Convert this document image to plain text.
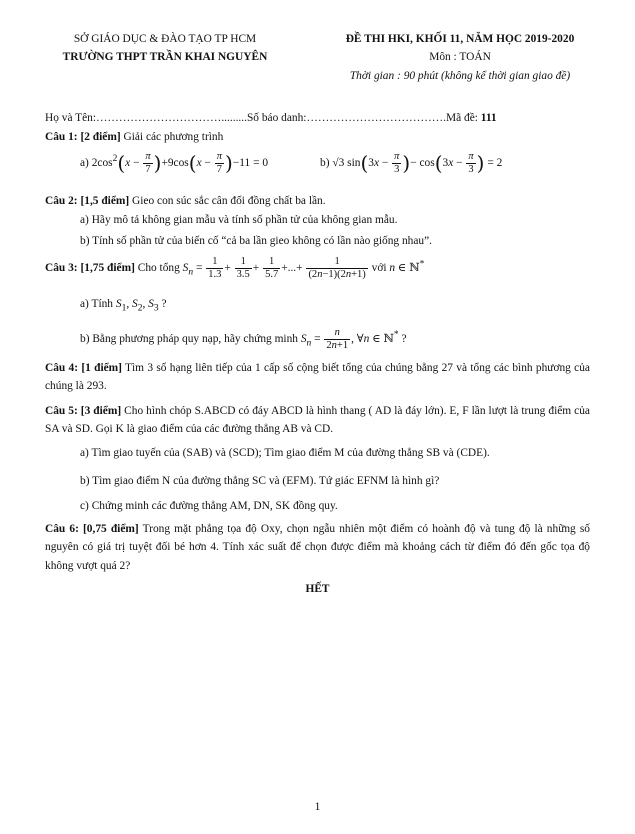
SỞ GIÁO DỤC & ĐÀO TẠO TP HCM
TRƯỜNG THPT TRẦN KHAI NGUYÊN
ĐỀ THI HKI, KHỐI 11, NĂM HỌC 2019-2020
Môn : TOÁN
Thời gian : 90 phút (không kể thời gian giao đề)
Họ và Tên:…………………………….........Số báo danh:……………………………….Mã đề: 111
Câu 1: [2 điểm] Giải các phương trình
a) $2\cos^2(x - \frac{\pi}{7} )+9\cos(x - \frac{\pi}{7} )-11 = 0$	b) √3 $\sin(3x - \frac{\pi}{3}$ )− $\cos(3x - \frac{\pi}{3}$ ) = 2
Câu 2: [1,5 điểm] Gieo con súc sắc cân đối đồng chất ba lần.
a) Hãy mô tả không gian mẫu và tính số phần tử của không gian mẫu.
b) Tính số phần tử của biến cố “cả ba lần gieo không có lần nào giống nhau”.
Câu 3: [1,75 điểm] Cho tổng $S_n = \frac{1}{1.3} + \frac{1}{3.5} + \frac{1}{5.7}$ +...+ $\frac{1}{(2n-1)(2n+1)}$ với n ∈ ℕ*
a) Tính $S_1$, $S_2$, $S_3$ ?
b) Bằng phương pháp quy nạp, hãy chứng minh $S_n = \frac{n}{2n+1}$ , ∀n ∈ ℕ* ?
Câu 4: [1 điểm] Tìm 3 số hạng liên tiếp của 1 cấp số cộng biết tổng của chúng bằng 27 và tổng các bình phương của chúng là 293.
Câu 5: [3 điểm] Cho hình chóp S.ABCD có đáy ABCD là hình thang ( AD là đáy lớn). E, F lần lượt là trung điểm của SA và SD. Gọi K là giao điểm của các đường thẳng AB và CD.
a) Tìm giao tuyến của (SAB) và (SCD); Tìm giao điểm M của đường thẳng SB và (CDE).
b) Tìm giao điểm N của đường thẳng SC và (EFM). Tứ giác EFNM là hình gì?
c) Chứng minh các đường thẳng AM, DN, SK đồng quy.
Câu 6: [0,75 điểm] Trong mặt phẳng tọa độ Oxy, chọn ngẫu nhiên một điểm có hoành độ và tung độ là những số nguyên có giá trị tuyệt đối bé hơn 4. Tính xác suất để chọn được điểm mà khoảng cách từ điểm đó đến gốc tọa độ không vượt quá 2?
HẾT
1
